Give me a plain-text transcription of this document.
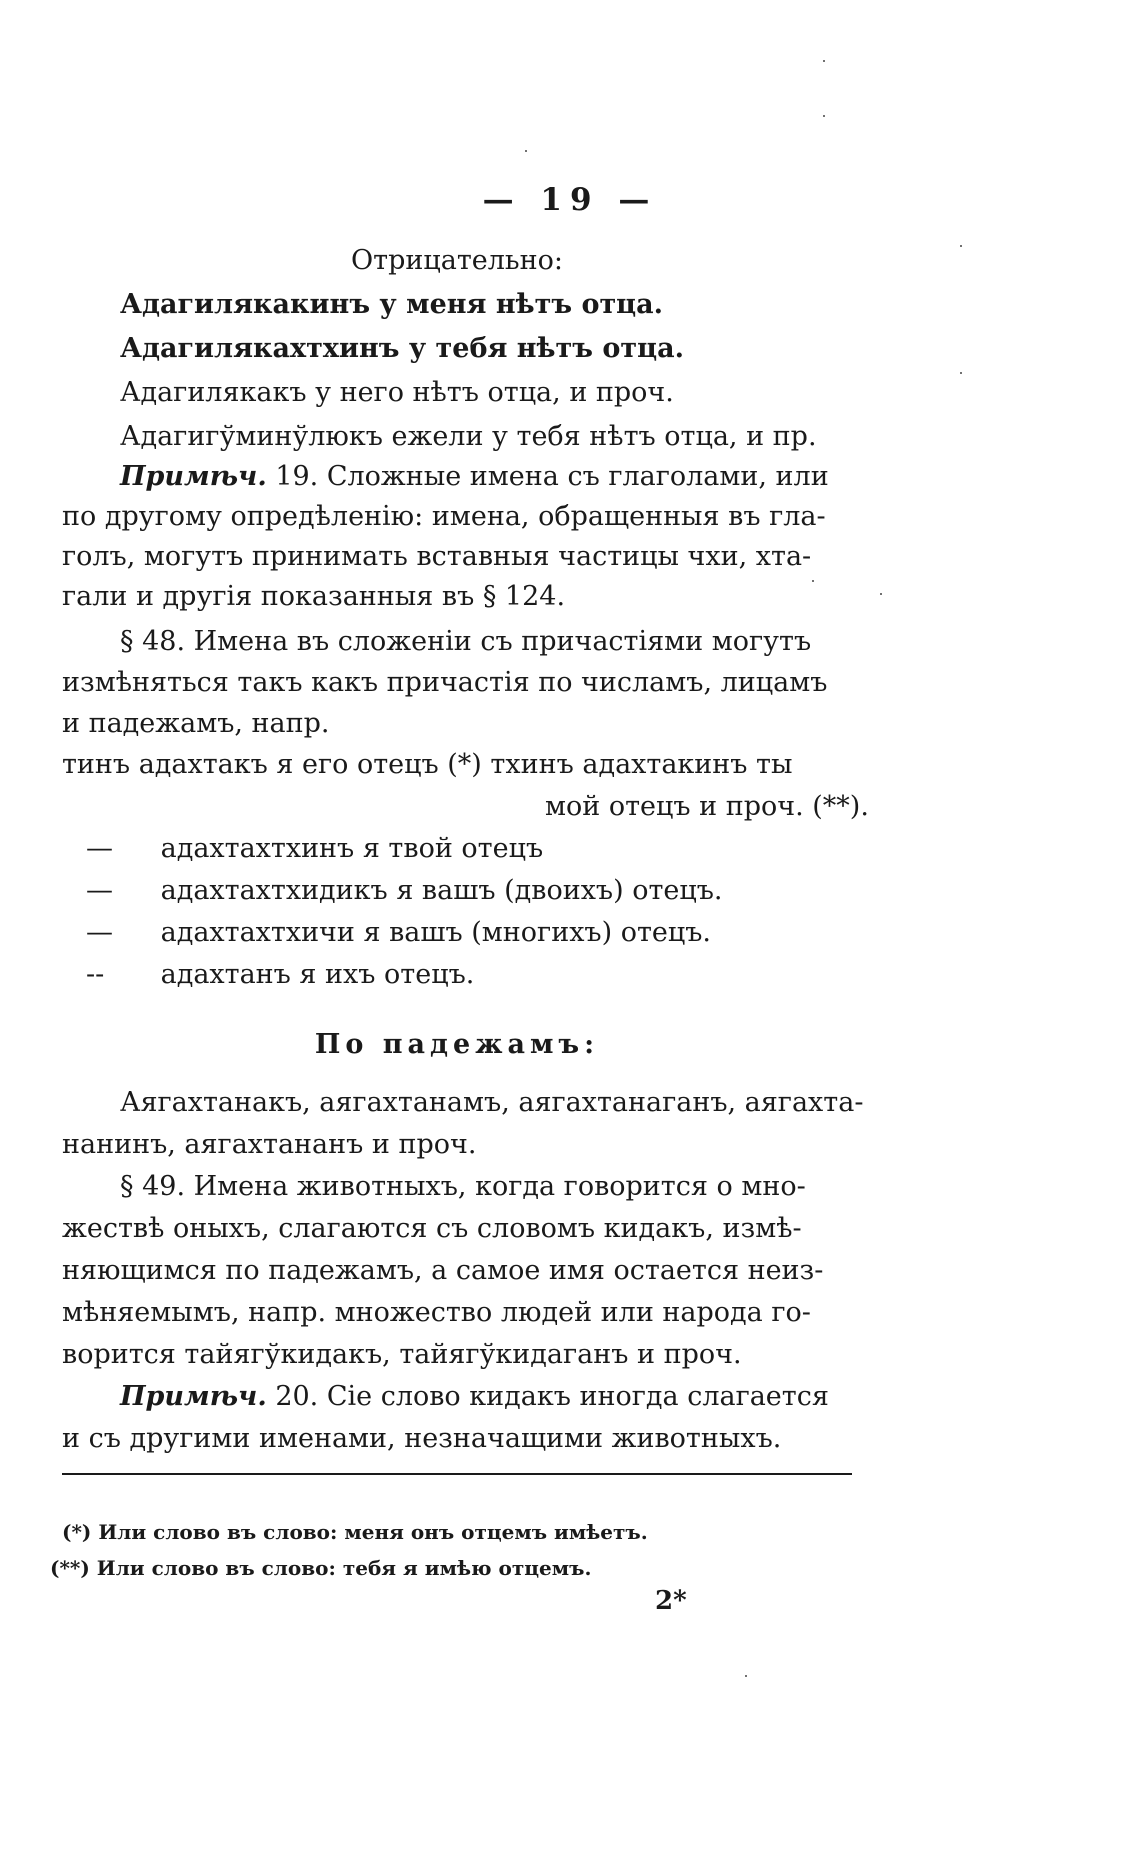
— 19 —
Отрицательно:
Адагилякакинъ у меня нѣтъ отца.
Адагилякахтхинъ у тебя нѣтъ отца.
Адагилякакъ у него нѣтъ отца, и проч.
Адагигўминўлюкъ ежели у тебя нѣтъ отца, и пр.
Примѣч. 19. Сложные имена съ глаголами, или
по другому опредѣленію: имена, обращенныя въ гла-
голъ, могутъ принимать вставныя частицы чхи, хта-
гали и другія показанныя въ § 124.
§ 48. Имена въ сложеніи съ причастіями могутъ
измѣняться такъ какъ причастія по числамъ, лицамъ
и падежамъ, напр.
тинъ адахтакъ я его отецъ (*) тхинъ адахтакинъ ты
мой отецъ и проч. (**).
— адахтахтхинъ я твой отецъ
— адахтахтхидикъ я вашъ (двоихъ) отецъ.
— адахтахтхичи я вашъ (многихъ) отецъ.
-- адахтанъ я ихъ отецъ.
По падежамъ:
Аягахтанакъ, аягахтанамъ, аягахтанаганъ, аягахта-
нанинъ, аягахтананъ и проч.
§ 49. Имена животныхъ, когда говорится о мно-
жествѣ оныхъ, слагаются съ словомъ кидакъ, измѣ-
няющимся по падежамъ, а самое имя остается неиз-
мѣняемымъ, напр. множество людей или народа го-
ворится тайягўкидакъ, тайягўкидаганъ и проч.
Примѣч. 20. Сіе слово кидакъ иногда слагается
и съ другими именами, незначащими животныхъ.
(*) Или слово въ слово: меня онъ отцемъ имѣетъ.
(**) Или слово въ слово: тебя я имѣю отцемъ.
2*
